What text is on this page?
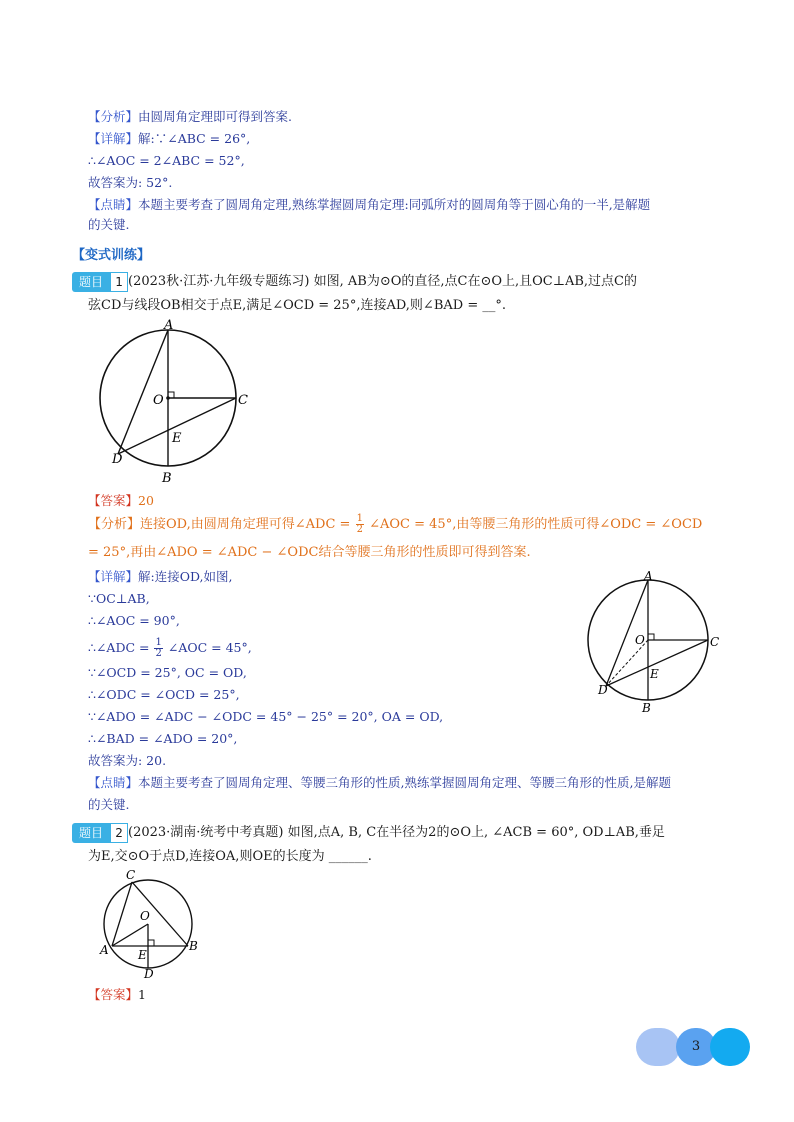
【分析】由圆周角定理即可得到答案.
【详解】解:∵∠ABC = 26°,
∴∠AOC = 2∠ABC = 52°,
故答案为: 52°.
【点睛】本题主要考查了圆周角定理,熟练掌握圆周角定理:同弧所对的圆周角等于圆心角的一半,是解题
的关键.
【变式训练】
题目	1 (2023秋·江苏·九年级专题练习) 如图, AB为⊙O的直径,点C在⊙O上,且OC⊥AB,过点C的
弦CD与线段OB相交于点E,满足∠OCD = 25°,连接AD,则∠BAD = __°.
A
B
C
D
E
O
【答案】20
【分析】连接OD,由圆周角定理可得∠ADC = $\frac{1}{2}$ ∠AOC = 45°,由等腰三角形的性质可得∠ODC = ∠OCD
= 25°,再由∠ADO = ∠ADC − ∠ODC结合等腰三角形的性质即可得到答案.
【详解】解:连接OD,如图,
∵OC⊥AB,
∴∠AOC = 90°,
∴∠ADC = $\frac{1}{2}$ ∠AOC = 45°,
∵∠OCD = 25°, OC = OD,
∴∠ODC = ∠OCD = 25°,
∵∠ADO = ∠ADC − ∠ODC = 45° − 25° = 20°, OA = OD,
∴∠BAD = ∠ADO = 20°,
故答案为: 20.
【点睛】本题主要考查了圆周角定理、等腰三角形的性质,熟练掌握圆周角定理、等腰三角形的性质,是解题
的关键.
A
B
C
D
E
O
题目	2 (2023·湖南·统考中考真题) 如图,点A, B, C在半径为2的⊙O上, ∠ACB = 60°, OD⊥AB,垂足
为E,交⊙O于点D,连接OA,则OE的长度为 ______.
C
A	B
D
E
O
【答案】1
3
